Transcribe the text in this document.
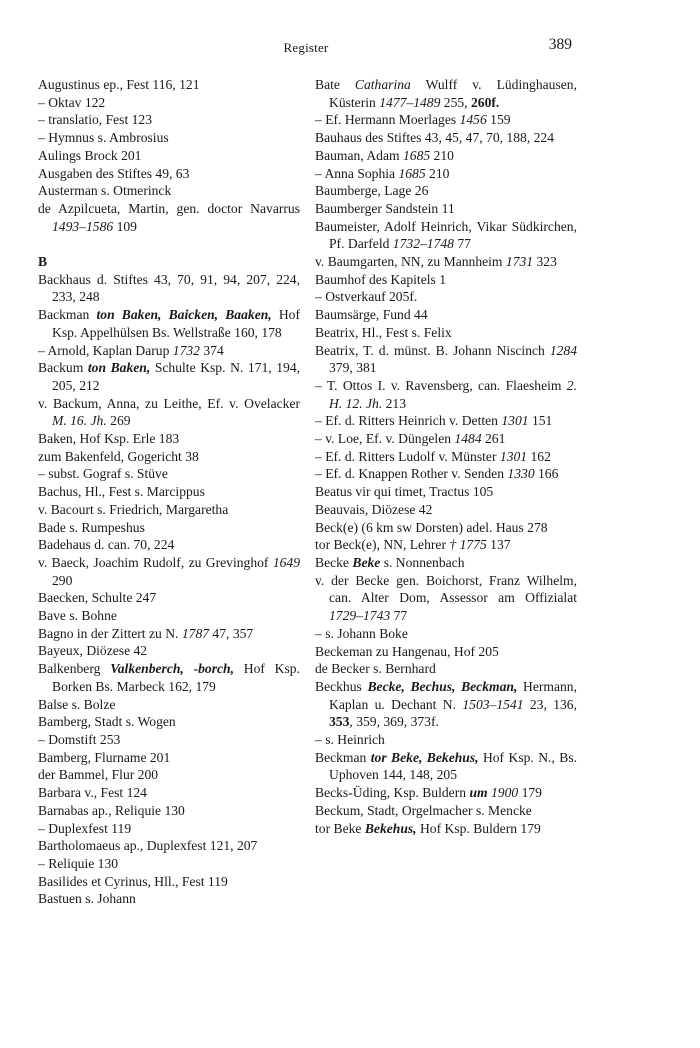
Register	389
Augustinus ep., Fest 116, 121
– Oktav 122
– translatio, Fest 123
– Hymnus s. Ambrosius
Aulings Brock 201
Ausgaben des Stiftes 49, 63
Austerman s. Otmerinck
de Azpilcueta, Martin, gen. doctor Navarrus 1493–1586 109
B
Backhaus d. Stiftes 43, 70, 91, 94, 207, 224, 233, 248
Backman ton Baken, Baicken, Baaken, Hof Ksp. Appelhülsen Bs. Wellstraße 160, 178
– Arnold, Kaplan Darup 1732 374
Backum ton Baken, Schulte Ksp. N. 171, 194, 205, 212
v. Backum, Anna, zu Leithe, Ef. v. Ovelacker M. 16. Jh. 269
Baken, Hof Ksp. Erle 183
zum Bakenfeld, Gogericht 38
– subst. Gograf s. Stüve
Bachus, Hl., Fest s. Marcippus
v. Bacourt s. Friedrich, Margaretha
Bade s. Rumpeshus
Badehaus d. can. 70, 224
v. Baeck, Joachim Rudolf, zu Grevinghof 1649 290
Baecken, Schulte 247
Bave s. Bohne
Bagno in der Zittert zu N. 1787 47, 357
Bayeux, Diözese 42
Balkenberg Valkenberch, -borch, Hof Ksp. Borken Bs. Marbeck 162, 179
Balse s. Bolze
Bamberg, Stadt s. Wogen
– Domstift 253
Bamberg, Flurname 201
der Bammel, Flur 200
Barbara v., Fest 124
Barnabas ap., Reliquie 130
– Duplexfest 119
Bartholomaeus ap., Duplexfest 121, 207
– Reliquie 130
Basilides et Cyrinus, Hll., Fest 119
Bastuen s. Johann
Bate Catharina Wulff v. Lüdinghausen, Küsterin 1477–1489 255, 260f.
– Ef. Hermann Moerlages 1456 159
Bauhaus des Stiftes 43, 45, 47, 70, 188, 224
Bauman, Adam 1685 210
– Anna Sophia 1685 210
Baumberge, Lage 26
Baumberger Sandstein 11
Baumeister, Adolf Heinrich, Vikar Südkirchen, Pf. Darfeld 1732–1748 77
v. Baumgarten, NN, zu Mannheim 1731 323
Baumhof des Kapitels 1
– Ostverkauf 205f.
Baumsärge, Fund 44
Beatrix, Hl., Fest s. Felix
Beatrix, T. d. münst. B. Johann Niscinch 1284 379, 381
– T. Ottos I. v. Ravensberg, can. Flaesheim 2. H. 12. Jh. 213
– Ef. d. Ritters Heinrich v. Detten 1301 151
– v. Loe, Ef. v. Düngelen 1484 261
– Ef. d. Ritters Ludolf v. Münster 1301 162
– Ef. d. Knappen Rother v. Senden 1330 166
Beatus vir qui timet, Tractus 105
Beauvais, Diözese 42
Beck(e) (6 km sw Dorsten) adel. Haus 278
tor Beck(e), NN, Lehrer † 1775 137
Becke Beke s. Nonnenbach
v. der Becke gen. Boichorst, Franz Wilhelm, can. Alter Dom, Assessor am Offizialat 1729–1743 77
– s. Johann Boke
Beckeman zu Hangenau, Hof 205
de Becker s. Bernhard
Beckhus Becke, Bechus, Beckman, Hermann, Kaplan u. Dechant N. 1503–1541 23, 136, 353, 359, 369, 373f.
– s. Heinrich
Beckman tor Beke, Bekehus, Hof Ksp. N., Bs. Uphoven 144, 148, 205
Becks-Üding, Ksp. Buldern um 1900 179
Beckum, Stadt, Orgelmacher s. Mencke
tor Beke Bekehus, Hof Ksp. Buldern 179
